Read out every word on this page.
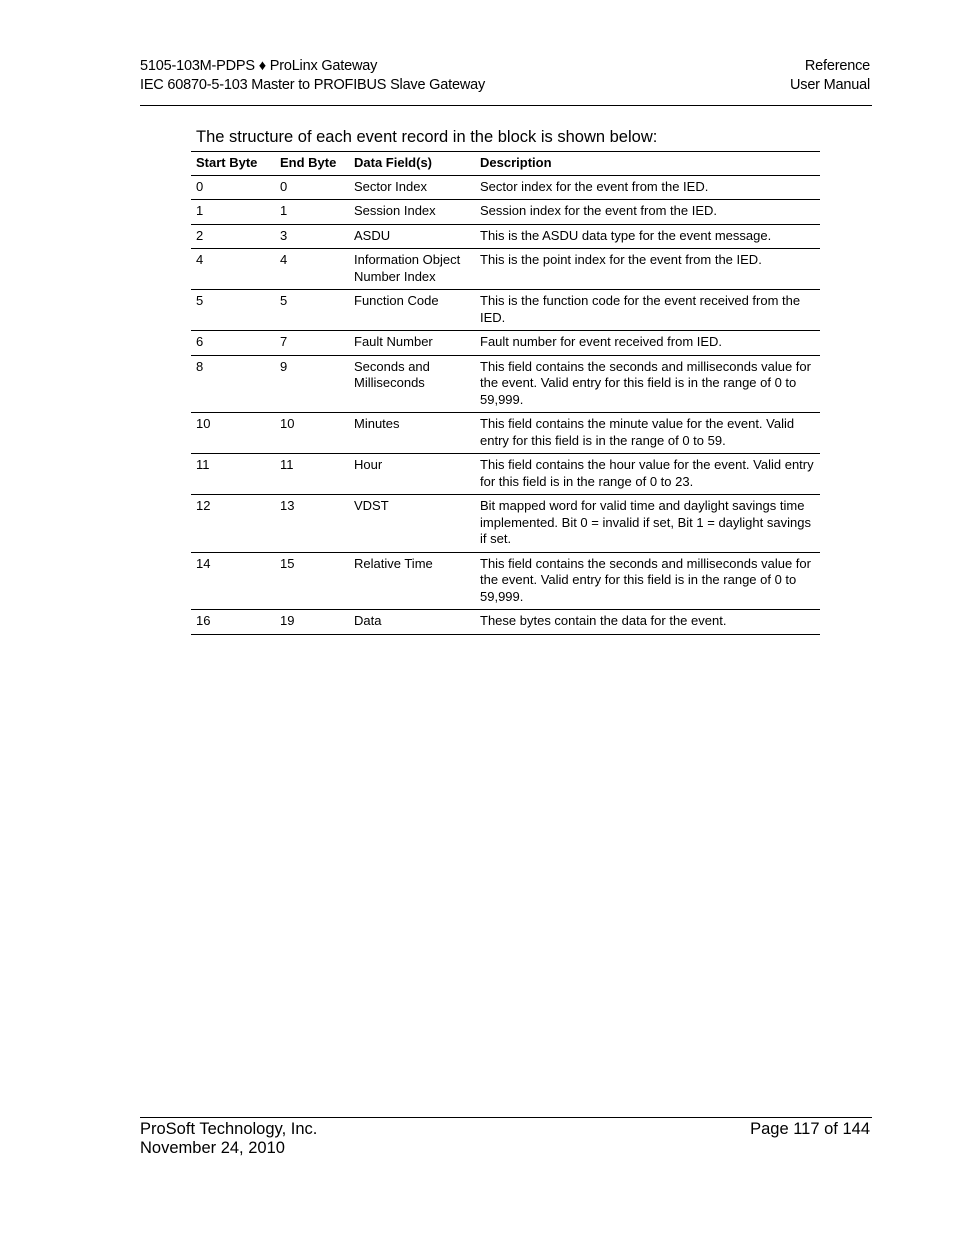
5105-103M-PDPS ♦ ProLinx Gateway
IEC 60870-5-103 Master to PROFIBUS Slave Gateway
Reference
User Manual
The structure of each event record in the block is shown below:
Start Byte	End Byte	Data Field(s)	Description
0	0	Sector Index	Sector index for the event from the IED.
1	1	Session Index	Session index for the event from the IED.
2	3	ASDU	This is the ASDU data type for the event message.
4	4	Information Object Number Index	This is the point index for the event from the IED.
5	5	Function Code	This is the function code for the event received from the IED.
6	7	Fault Number	Fault number for event received from IED.
8	9	Seconds and Milliseconds	This field contains the seconds and milliseconds value for the event. Valid entry for this field is in the range of 0 to 59,999.
10	10	Minutes	This field contains the minute value for the event. Valid entry for this field is in the range of 0 to 59.
11	11	Hour	This field contains the hour value for the event. Valid entry for this field is in the range of 0 to 23.
12	13	VDST	Bit mapped word for valid time and daylight savings time implemented. Bit 0 = invalid if set, Bit 1 = daylight savings if set.
14	15	Relative Time	This field contains the seconds and milliseconds value for the event. Valid entry for this field is in the range of 0 to 59,999.
16	19	Data	These bytes contain the data for the event.
ProSoft Technology, Inc.
November 24, 2010
Page 117 of 144
